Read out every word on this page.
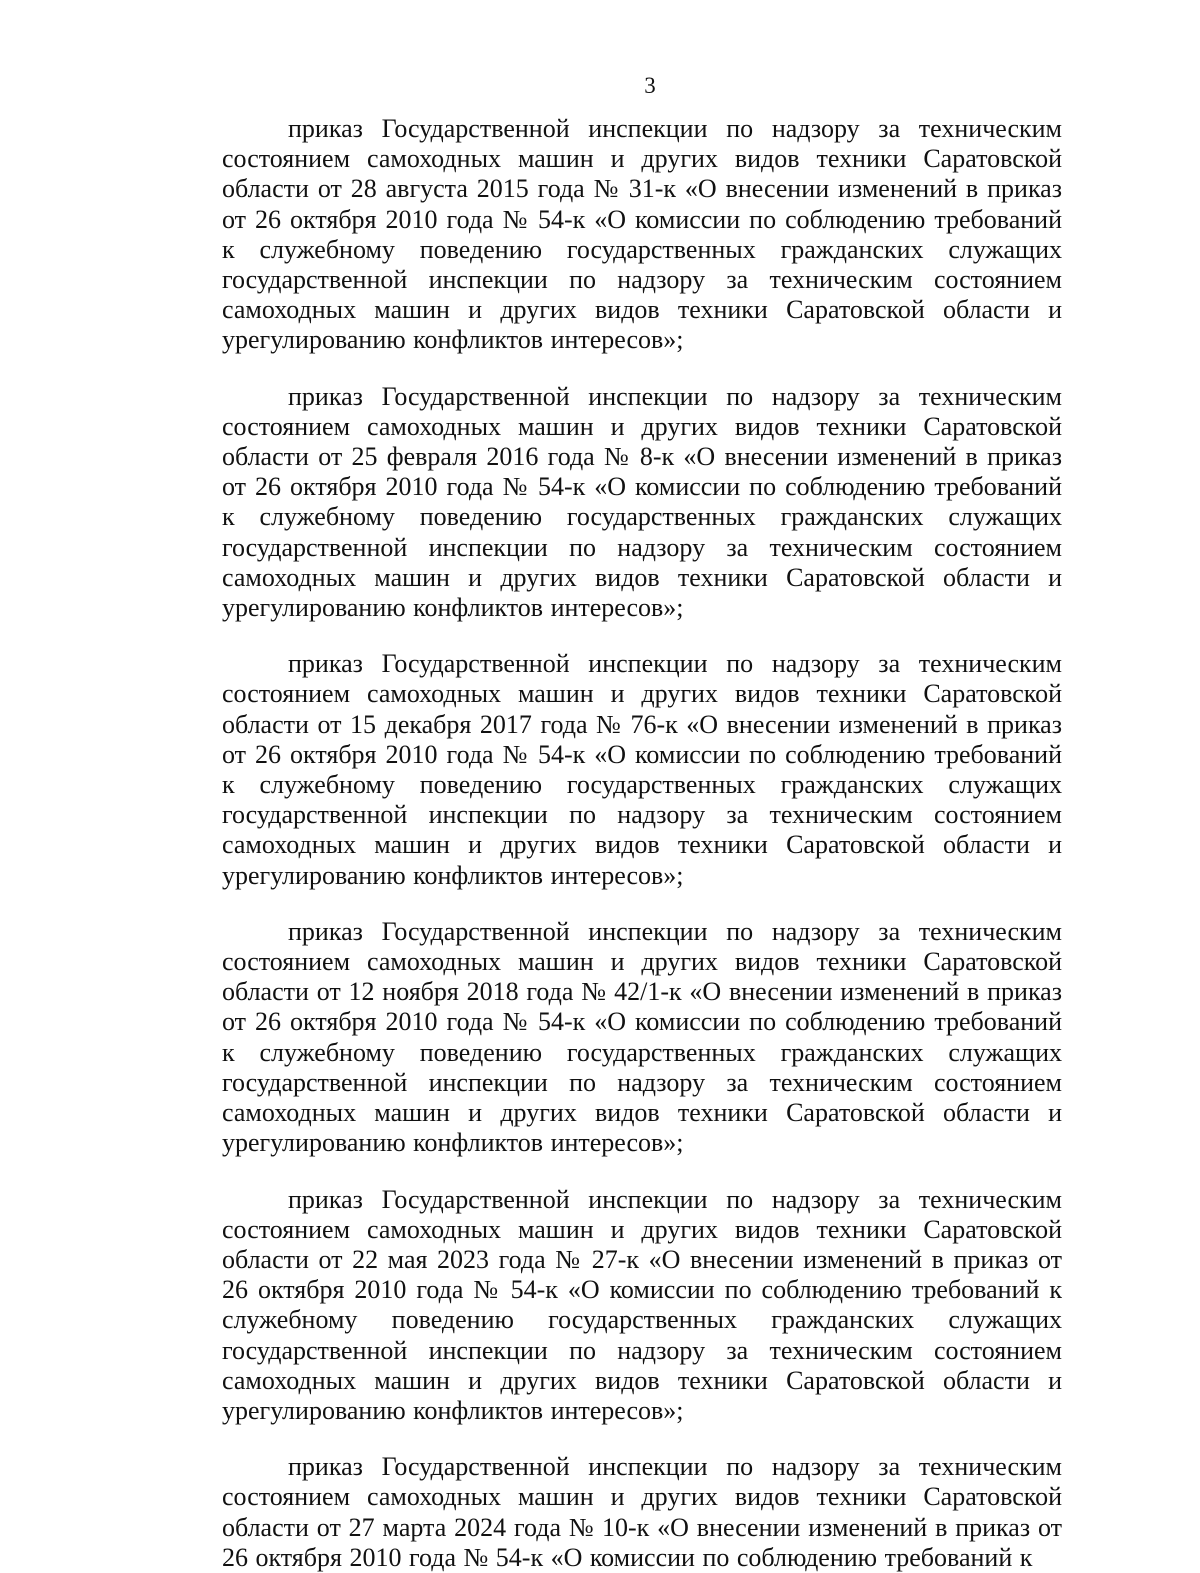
3

приказ Государственной инспекции по надзору за техническим состоянием самоходных машин и других видов техники Саратовской области от 28 августа 2015 года № 31-к «О внесении изменений в приказ от 26 октября 2010 года № 54-к «О комиссии по соблюдению требований к служебному поведению государственных гражданских служащих государственной инспекции по надзору за техническим состоянием самоходных машин и других видов техники Саратовской области и урегулированию конфликтов интересов»;

приказ Государственной инспекции по надзору за техническим состоянием самоходных машин и других видов техники Саратовской области от 25 февраля 2016 года № 8-к «О внесении изменений в приказ от 26 октября 2010 года № 54-к «О комиссии по соблюдению требований к служебному поведению государственных гражданских служащих государственной инспекции по надзору за техническим состоянием самоходных машин и других видов техники Саратовской области и урегулированию конфликтов интересов»;

приказ Государственной инспекции по надзору за техническим состоянием самоходных машин и других видов техники Саратовской области от 15 декабря 2017 года № 76-к «О внесении изменений в приказ от 26 октября 2010 года № 54-к «О комиссии по соблюдению требований к служебному поведению государственных гражданских служащих государственной инспекции по надзору за техническим состоянием самоходных машин и других видов техники Саратовской области и урегулированию конфликтов интересов»;

приказ Государственной инспекции по надзору за техническим состоянием самоходных машин и других видов техники Саратовской области от 12 ноября 2018 года № 42/1-к «О внесении изменений в приказ от 26 октября 2010 года № 54-к «О комиссии по соблюдению требований к служебному поведению государственных гражданских служащих государственной инспекции по надзору за техническим состоянием самоходных машин и других видов техники Саратовской области и урегулированию конфликтов интересов»;

приказ Государственной инспекции по надзору за техническим состоянием самоходных машин и других видов техники Саратовской области от 22 мая 2023 года № 27-к «О внесении изменений в приказ от 26 октября 2010 года № 54-к «О комиссии по соблюдению требований к служебному поведению государственных гражданских служащих государственной инспекции по надзору за техническим состоянием самоходных машин и других видов техники Саратовской области и урегулированию конфликтов интересов»;

приказ Государственной инспекции по надзору за техническим состоянием самоходных машин и других видов техники Саратовской области от 27 марта 2024 года № 10-к «О внесении изменений в приказ от 26 октября 2010 года № 54-к «О комиссии по соблюдению требований к
